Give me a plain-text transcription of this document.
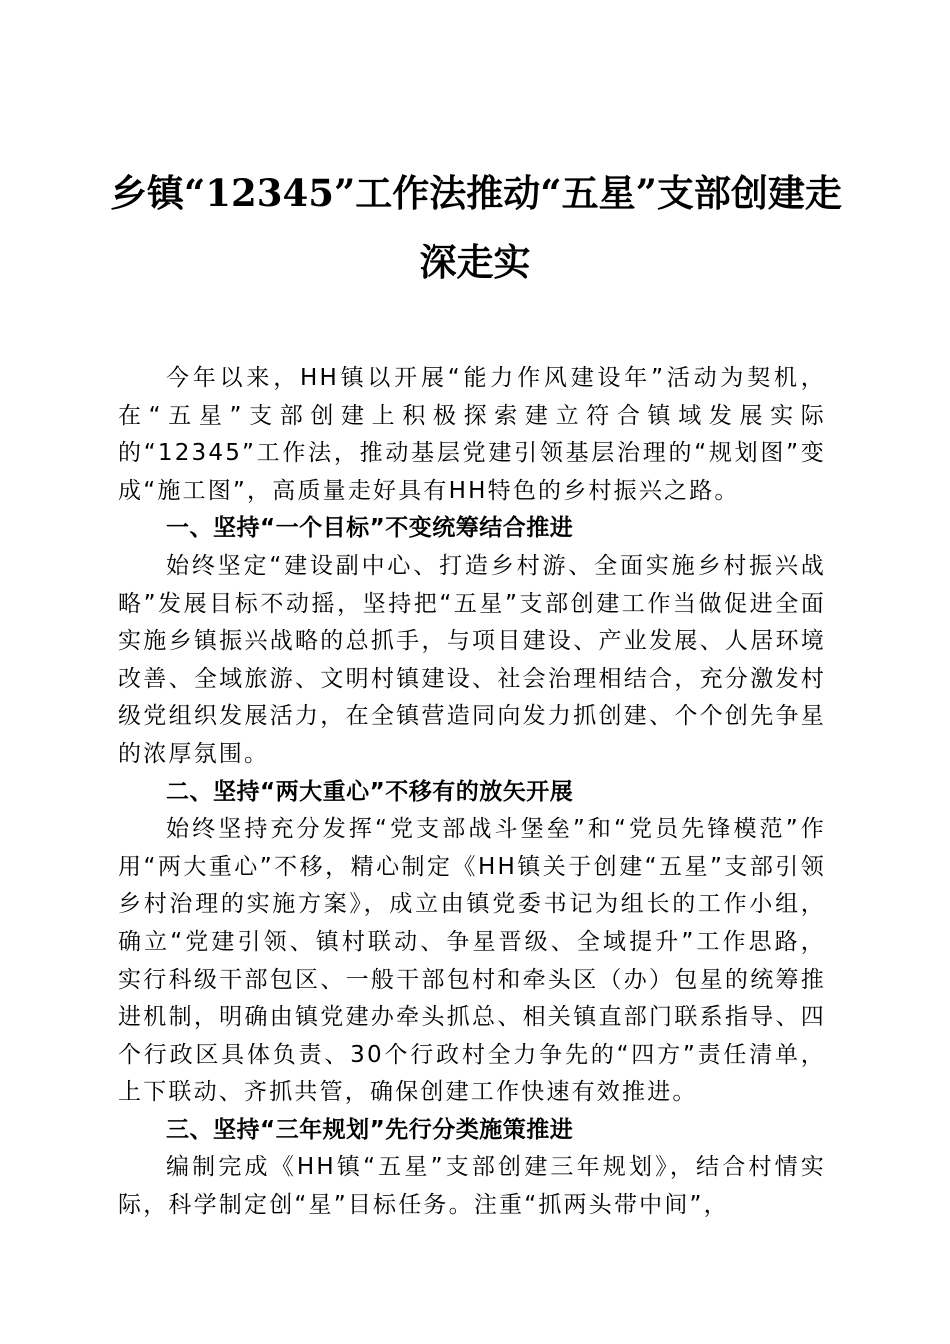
乡镇“12345”工作法推动“五星”支部创建走
深走实

今年以来，HH镇以开展“能力作风建设年”活动为契机，在“五星”支部创建上积极探索建立符合镇域发展实际的“12345”工作法，推动基层党建引领基层治理的“规划图”变成“施工图”，高质量走好具有HH特色的乡村振兴之路。

一、坚持“一个目标”不变统筹结合推进

始终坚定“建设副中心、打造乡村游、全面实施乡村振兴战略”发展目标不动摇，坚持把“五星”支部创建工作当做促进全面实施乡镇振兴战略的总抓手，与项目建设、产业发展、人居环境改善、全域旅游、文明村镇建设、社会治理相结合，充分激发村级党组织发展活力，在全镇营造同向发力抓创建、个个创先争星的浓厚氛围。

二、坚持“两大重心”不移有的放矢开展

始终坚持充分发挥“党支部战斗堡垒”和“党员先锋模范”作用“两大重心”不移，精心制定《HH镇关于创建“五星”支部引领乡村治理的实施方案》，成立由镇党委书记为组长的工作小组，确立“党建引领、镇村联动、争星晋级、全域提升”工作思路，实行科级干部包区、一般干部包村和牵头区（办）包星的统筹推进机制，明确由镇党建办牵头抓总、相关镇直部门联系指导、四个行政区具体负责、30个行政村全力争先的“四方”责任清单，上下联动、齐抓共管，确保创建工作快速有效推进。

三、坚持“三年规划”先行分类施策推进

编制完成《HH镇“五星”支部创建三年规划》，结合村情实际，科学制定创“星”目标任务。注重“抓两头带中间”，
